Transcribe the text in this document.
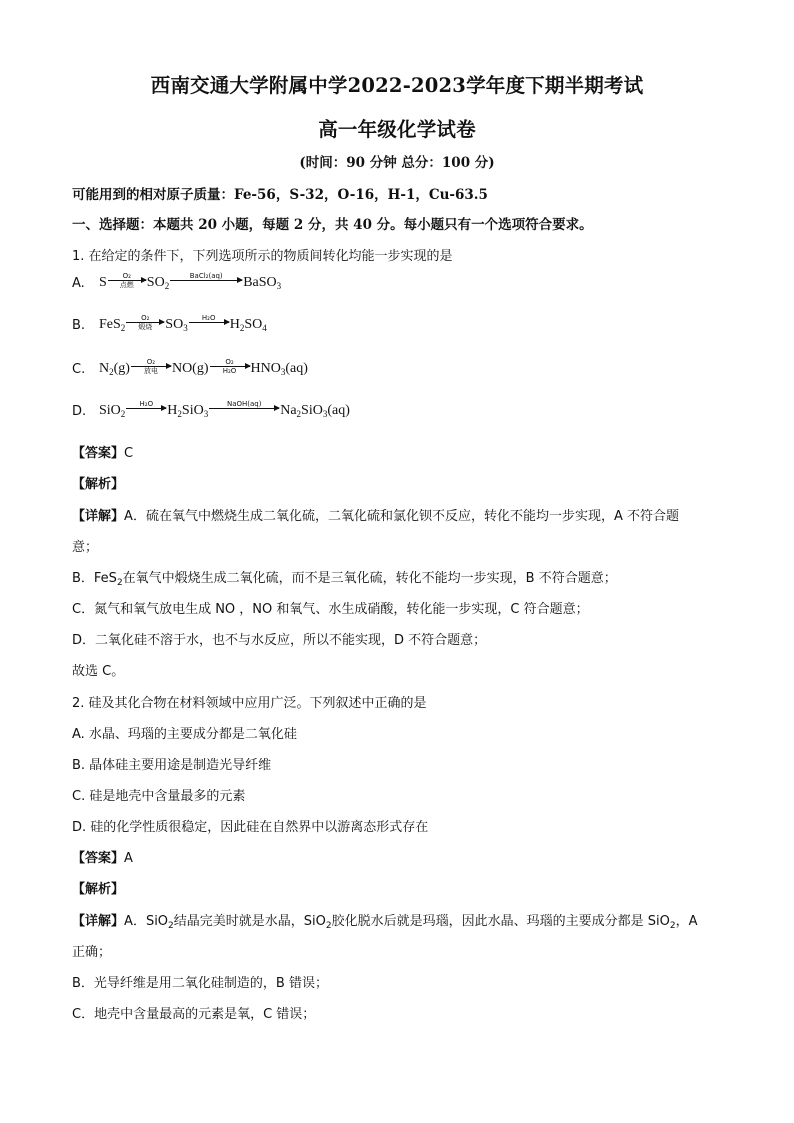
西南交通大学附属中学2022-2023学年度下期半期考试
高一年级化学试卷
(时间：90 分钟 总分：100 分)
可能用到的相对原子质量：Fe-56，S-32，O-16，H-1，Cu-63.5
一、选择题：本题共 20 小题，每题 2 分，共 40 分。每小题只有一个选项符合要求。
1. 在给定的条件下，下列选项所示的物质间转化均能一步实现的是
A.	S O₂
点燃 $SO_2$
BaCl₂(aq) BaSO$_3$
B. FeS$_2$
O₂
煅烧 $SO_3$
H₂O $H_2SO_4$
C. $N_2(g)$ O₂
放电 NO(g) O₂
H₂O $HNO_3(aq)$
D. SiO$_2$
H₂O $H_2SiO_3$
NaOH(aq) $Na_2SiO_3(aq)$
【答案】C
【解析】
【详解】A．硫在氧气中燃烧生成二氧化硫，二氧化硫和氯化钡不反应，转化不能均一步实现，A 不符合题
意；
B．FeS$_2$在氧气中煅烧生成二氧化硫，而不是三氧化硫，转化不能均一步实现，B 不符合题意；
C．氮气和氧气放电生成 NO ，NO 和氧气、水生成硝酸，转化能一步实现，C 符合题意；
D．二氧化硅不溶于水，也不与水反应，所以不能实现，D 不符合题意；
故选 C。
2. 硅及其化合物在材料领域中应用广泛。下列叙述中正确的是
A. 水晶、玛瑙的主要成分都是二氧化硅
B. 晶体硅主要用途是制造光导纤维
C. 硅是地壳中含量最多的元素
D. 硅的化学性质很稳定，因此硅在自然界中以游离态形式存在
【答案】A
【解析】
【详解】A．SiO$_2$结晶完美时就是水晶，SiO$_2$胶化脱水后就是玛瑙，因此水晶、玛瑙的主要成分都是 SiO$_2$，A
正确；
B．光导纤维是用二氧化硅制造的，B 错误；
C．地壳中含量最高的元素是氧，C 错误；
